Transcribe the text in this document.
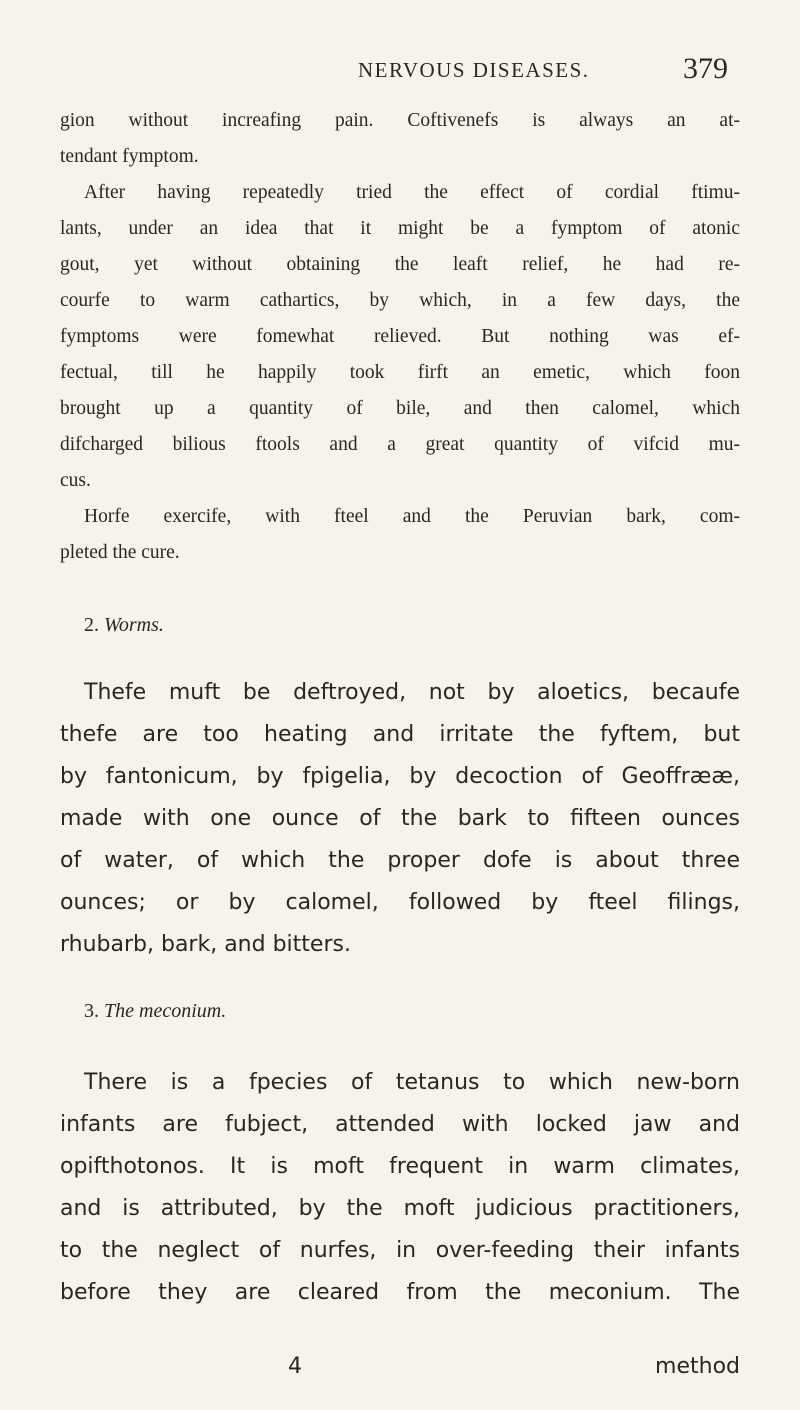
NERVOUS DISEASES.	379
gion without increafing pain. Coftivenefs is always an at-
tendant fymptom.
After having repeatedly tried the effect of cordial ftimu-
lants, under an idea that it might be a fymptom of atonic
gout, yet without obtaining the leaft relief, he had re-
courfe to warm cathartics, by which, in a few days, the
fymptoms were fomewhat relieved. But nothing was ef-
fectual, till he happily took firft an emetic, which foon
brought up a quantity of bile, and then calomel, which
difcharged bilious ftools and a great quantity of vifcid mu-
cus.
Horfe exercife, with fteel and the Peruvian bark, com-
pleted the cure.
2. Worms.
Thefe muft be deftroyed, not by aloetics, becaufe
thefe are too heating and irritate the fyftem, but
by fantonicum, by fpigelia, by decoction of Geoffrææ,
made with one ounce of the bark to fifteen ounces
of water, of which the proper dofe is about three
ounces; or by calomel, followed by fteel filings,
rhubarb, bark, and bitters.
3. The meconium.
There is a fpecies of tetanus to which new-born
infants are fubject, attended with locked jaw and
opifthotonos. It is moft frequent in warm climates,
and is attributed, by the moft judicious practitioners,
to the neglect of nurfes, in over-feeding their infants
before they are cleared from the meconium. The
4	method
